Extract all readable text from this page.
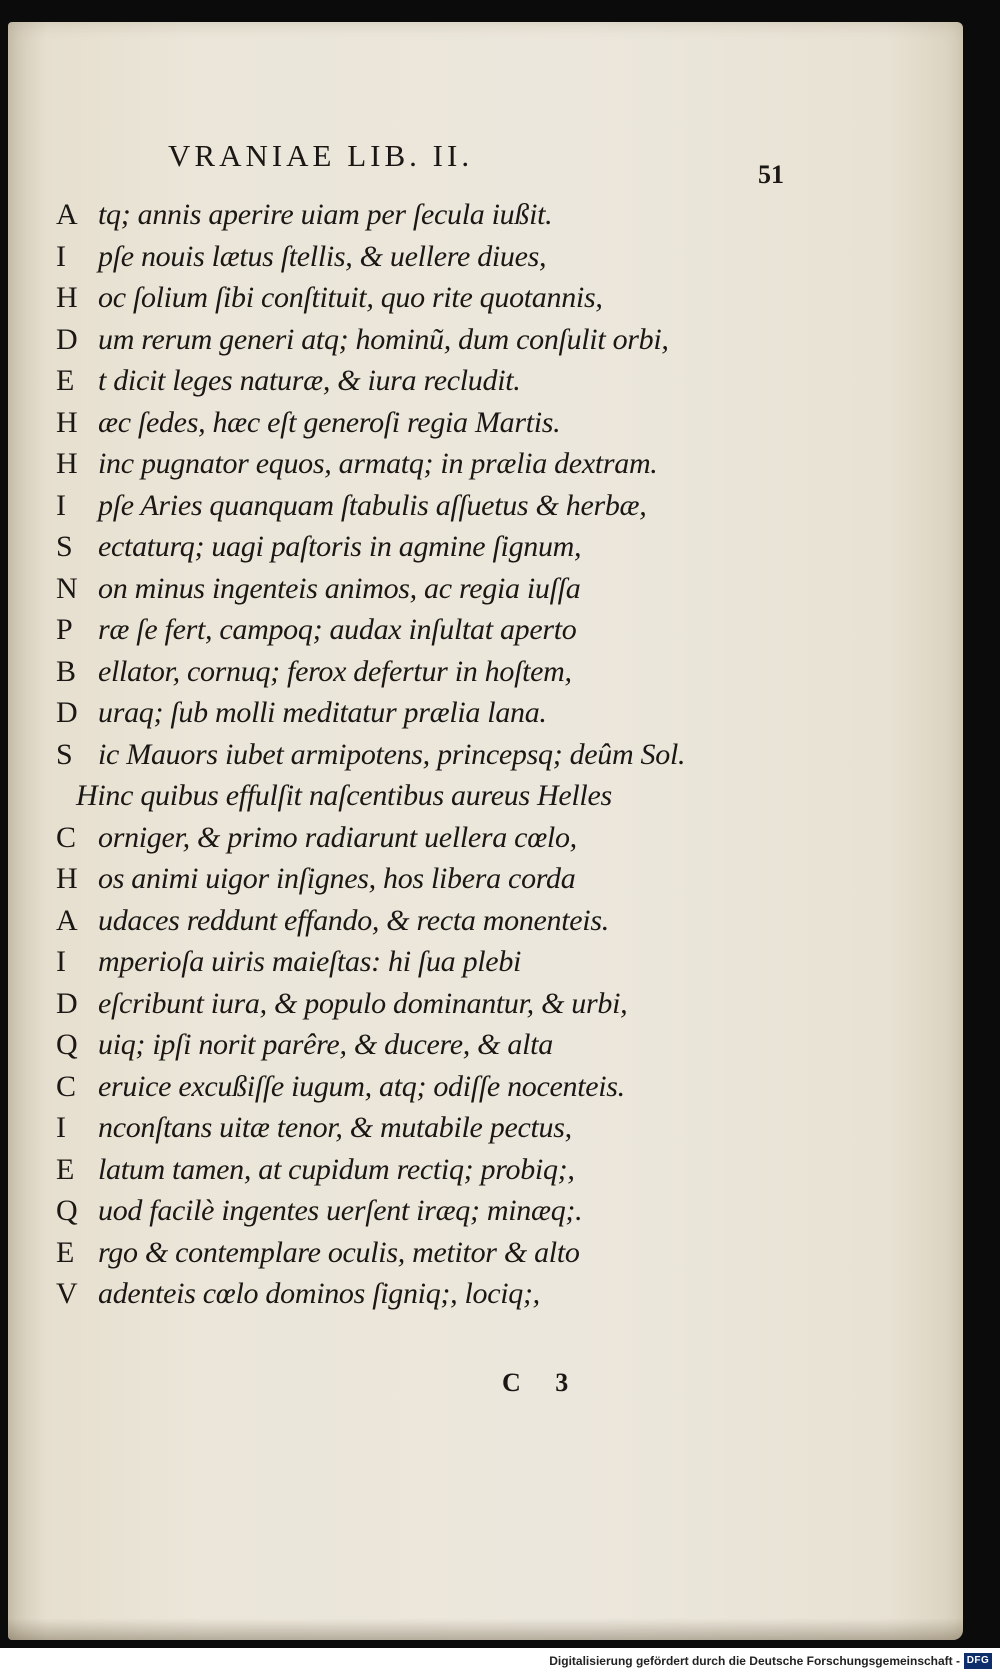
VRANIAE LIB. II.
51
A tq; annis aperire uiam per ſecula iußit.
I pſe nouis lætus ſtellis, & uellere diues,
H oc ſolium ſibi conſtituit, quo rite quotannis,
D um rerum generi atq; hominũ, dum conſulit orbi,
E t dicit leges naturæ, & iura recludit.
H æc ſedes, hæc eſt generoſi regia Martis.
H inc pugnator equos, armatq; in prælia dextram.
I pſe Aries quanquam ſtabulis aſſuetus & herbæ,
S ectaturq; uagi paſtoris in agmine ſignum,
N on minus ingenteis animos, ac regia iuſſa
P ræ ſe fert, campoq; audax inſultat aperto
B ellator, cornuq; ferox defertur in hoſtem,
D uraq; ſub molli meditatur prælia lana.
S ic Mauors iubet armipotens, princepsq; deûm Sol.
Hinc quibus effulſit naſcentibus aureus Helles
C orniger, & primo radiarunt uellera cœlo,
H os animi uigor inſignes, hos libera corda
A udaces reddunt effando, & recta monenteis.
I mperioſa uiris maieſtas: hi ſua plebi
D eſcribunt iura, & populo dominantur, & urbi,
Q uiq; ipſi norit parêre, & ducere, & alta
C eruice excußiſſe iugum, atq; odiſſe nocenteis.
I nconſtans uitæ tenor, & mutabile pectus,
E latum tamen, at cupidum rectiq; probiq;,
Q uod facilè ingentes uerſent iræq; minæq;.
E rgo & contemplare oculis, metitor & alto
V adenteis cœlo dominos ſigniq;, lociq;,
C 3
Digitalisierung gefördert durch die Deutsche Forschungsgemeinschaft - DFG
